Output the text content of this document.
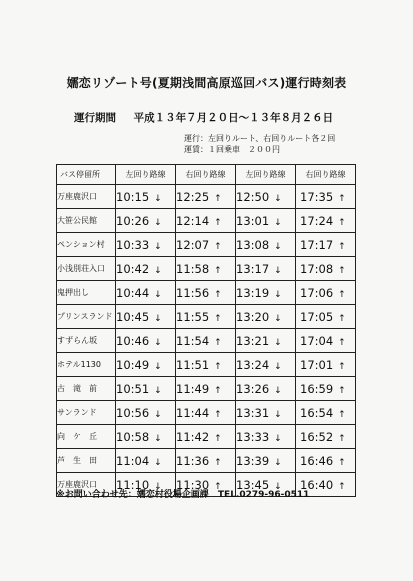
嬬恋リゾート号(夏期浅間高原巡回バス)運行時刻表
運行期間 平成１３年７月２０日～１３年８月２６日
運行：左回りルート、右回りルート各２回
運賃：１回乗車　２００円
バス停留所	左回り路線	右回り路線	左回り路線	右回り路線
万座鹿沢口	10:15 ↓	12:25 ↑	12:50 ↓	17:35 ↑
大笹公民館	10:26 ↓	12:14 ↑	13:01 ↓	17:24 ↑
ペンション村	10:33 ↓	12:07 ↑	13:08 ↓	17:17 ↑
小浅別荘入口	10:42 ↓	11:58 ↑	13:17 ↓	17:08 ↑
鬼押出し	10:44 ↓	11:56 ↑	13:19 ↓	17:06 ↑
プリンスランド	10:45 ↓	11:55 ↑	13:20 ↓	17:05 ↑
すずらん坂	10:46 ↓	11:54 ↑	13:21 ↓	17:04 ↑
ホテル1130	10:49 ↓	11:51 ↑	13:24 ↓	17:01 ↑
古　滝　前	10:51 ↓	11:49 ↑	13:26 ↓	16:59 ↑
サンランド	10:56 ↓	11:44 ↑	13:31 ↓	16:54 ↑
向　ケ　丘	10:58 ↓	11:42 ↑	13:33 ↓	16:52 ↑
芦　生　田	11:04 ↓	11:36 ↑	13:39 ↓	16:46 ↑
万座鹿沢口	11:10 ↓	11:30 ↑	13:45 ↓	16:40 ↑
※お問い合わせ先：嬬恋村役場企画課 TEL.0279-96-0511
